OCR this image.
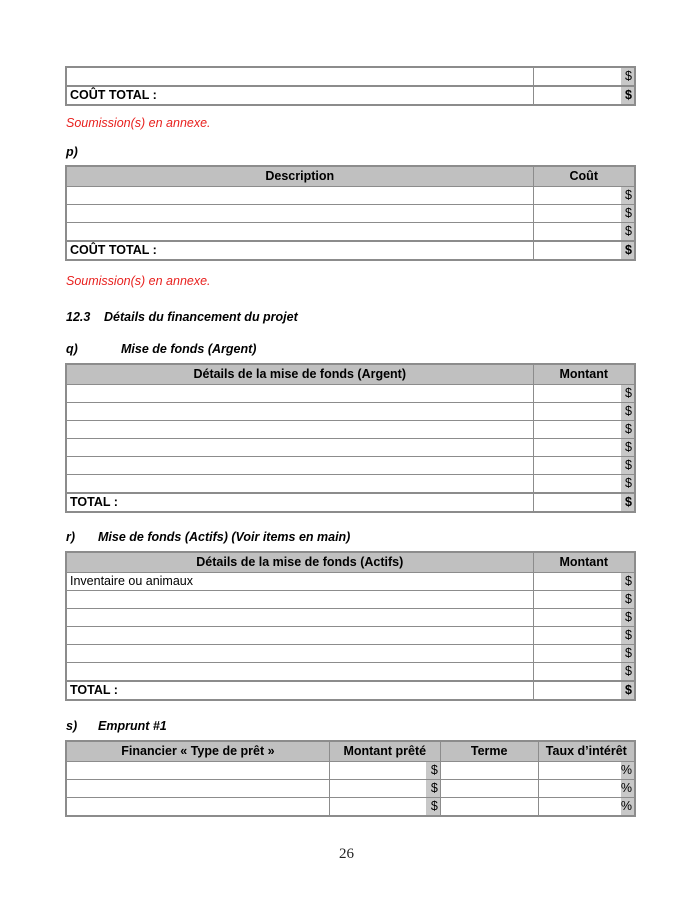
		$
COÛT TOTAL :		$
Soumission(s) en annexe.
p)
Description	Coût	
		$
		$
		$
COÛT TOTAL :		$
Soumission(s) en annexe.
12.3 Détails du financement du projet
q)	Mise de fonds (Argent)
Détails de la mise de fonds (Argent)	Montant	
		$
		$
		$
		$
		$
		$
TOTAL :		$
r) Mise de fonds (Actifs) (Voir items en main)
Détails de la mise de fonds (Actifs)	Montant	
Inventaire ou animaux		$
		$
		$
		$
		$
		$
TOTAL :		$
s) Emprunt #1
Financier « Type de prêt »	Montant prêté		Terme	Taux d’intérêt	
		$			%
		$			%
		$			%
26
